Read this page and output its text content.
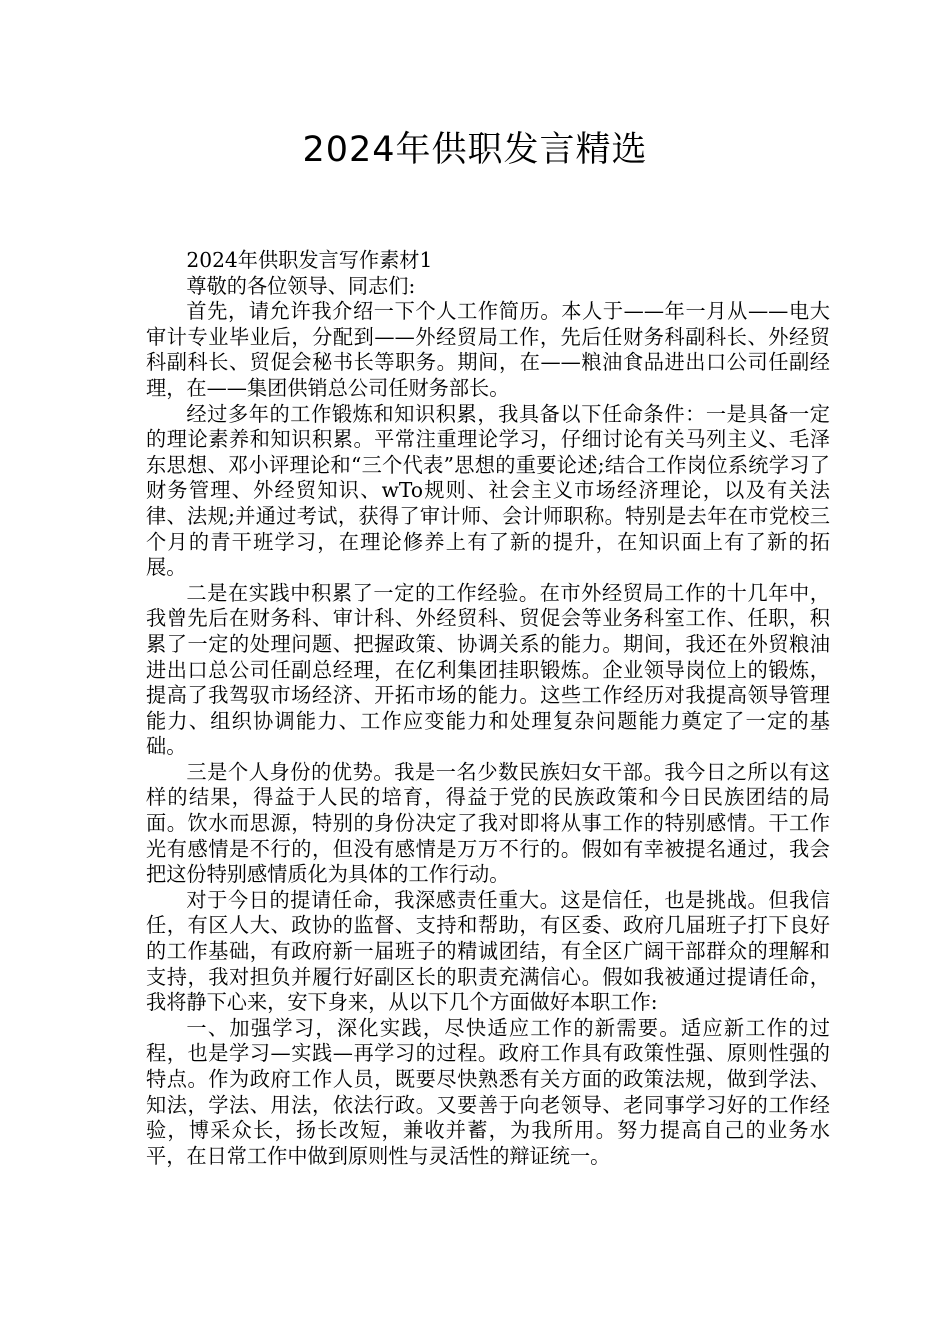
2024年供职发言精选

2024年供职发言写作素材1

尊敬的各位领导、同志们:

首先，请允许我介绍一下个人工作简历。本人于——年一月从——电大审计专业毕业后，分配到——外经贸局工作，先后任财务科副科长、外经贸科副科长、贸促会秘书长等职务。期间，在——粮油食品进出口公司任副经理，在——集团供销总公司任财务部长。

经过多年的工作锻炼和知识积累，我具备以下任命条件：一是具备一定的理论素养和知识积累。平常注重理论学习，仔细讨论有关马列主义、毛泽东思想、邓小评理论和“三个代表”思想的重要论述;结合工作岗位系统学习了财务管理、外经贸知识、wTo规则、社会主义市场经济理论，以及有关法律、法规;并通过考试，获得了审计师、会计师职称。特别是去年在市党校三个月的青干班学习，在理论修养上有了新的提升，在知识面上有了新的拓展。

二是在实践中积累了一定的工作经验。在市外经贸局工作的十几年中，我曾先后在财务科、审计科、外经贸科、贸促会等业务科室工作、任职，积累了一定的处理问题、把握政策、协调关系的能力。期间，我还在外贸粮油进出口总公司任副总经理，在亿利集团挂职锻炼。企业领导岗位上的锻炼，提高了我驾驭市场经济、开拓市场的能力。这些工作经历对我提高领导管理能力、组织协调能力、工作应变能力和处理复杂问题能力奠定了一定的基础。

三是个人身份的优势。我是一名少数民族妇女干部。我今日之所以有这样的结果，得益于人民的培育，得益于党的民族政策和今日民族团结的局面。饮水而思源，特别的身份决定了我对即将从事工作的特别感情。干工作光有感情是不行的，但没有感情是万万不行的。假如有幸被提名通过，我会把这份特别感情质化为具体的工作行动。

对于今日的提请任命，我深感责任重大。这是信任，也是挑战。但我信任，有区人大、政协的监督、支持和帮助，有区委、政府几届班子打下良好的工作基础，有政府新一届班子的精诚团结，有全区广阔干部群众的理解和支持，我对担负并履行好副区长的职责充满信心。假如我被通过提请任命，我将静下心来，安下身来，从以下几个方面做好本职工作:

一、加强学习，深化实践，尽快适应工作的新需要。适应新工作的过程，也是学习—实践—再学习的过程。政府工作具有政策性强、原则性强的特点。作为政府工作人员，既要尽快熟悉有关方面的政策法规，做到学法、知法，学法、用法，依法行政。又要善于向老领导、老同事学习好的工作经验，博采众长，扬长改短，兼收并蓄，为我所用。努力提高自己的业务水平，在日常工作中做到原则性与灵活性的辩证统一。
